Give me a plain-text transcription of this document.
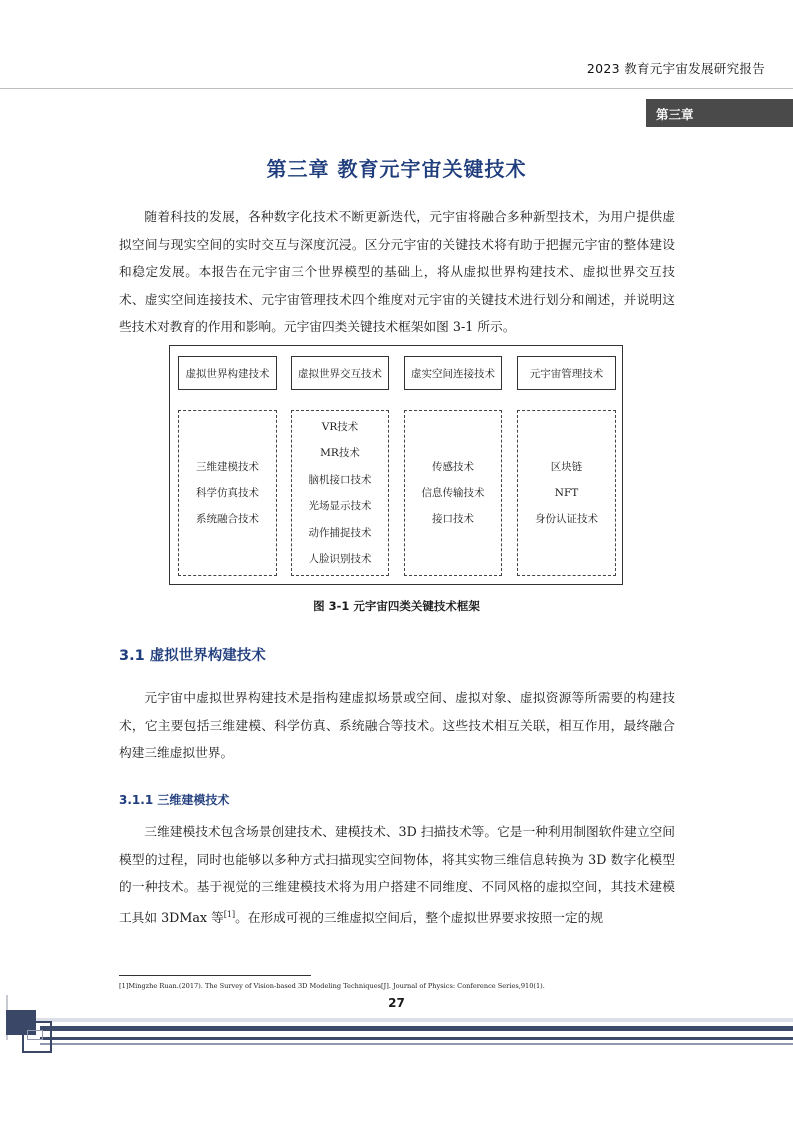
2023 教育元宇宙发展研究报告
第三章
第三章 教育元宇宙关键技术

随着科技的发展，各种数字化技术不断更新迭代，元宇宙将融合多种新型技术，为用户提供虚拟空间与现实空间的实时交互与深度沉浸。区分元宇宙的关键技术将有助于把握元宇宙的整体建设和稳定发展。本报告在元宇宙三个世界模型的基础上，将从虚拟世界构建技术、虚拟世界交互技术、虚实空间连接技术、元宇宙管理技术四个维度对元宇宙的关键技术进行划分和阐述，并说明这些技术对教育的作用和影响。元宇宙四类关键技术框架如图 3-1 所示。

虚拟世界构建技术	虚拟世界交互技术	虚实空间连接技术	元宇宙管理技术
三维建模技术
科学仿真技术
系统融合技术
VR技术
MR技术
脑机接口技术
光场显示技术
动作捕捉技术
人脸识别技术
传感技术
信息传输技术
接口技术
区块链
NFT
身份认证技术
图 3-1 元宇宙四类关键技术框架
3.1 虚拟世界构建技术

元宇宙中虚拟世界构建技术是指构建虚拟场景或空间、虚拟对象、虚拟资源等所需要的构建技术，它主要包括三维建模、科学仿真、系统融合等技术。这些技术相互关联，相互作用，最终融合构建三维虚拟世界。

3.1.1 三维建模技术

三维建模技术包含场景创建技术、建模技术、3D 扫描技术等。它是一种利用制图软件建立空间模型的过程，同时也能够以多种方式扫描现实空间物体，将其实物三维信息转换为 3D 数字化模型的一种技术。基于视觉的三维建模技术将为用户搭建不同维度、不同风格的虚拟空间，其技术建模工具如 3DMax 等[1]。在形成可视的三维虚拟空间后，整个虚拟世界要求按照一定的规

[1]Mingzhe Ruan.(2017). The Survey of Vision-based 3D Modeling Techniques[J]. Journal of Physics: Conference Series,910(1).
27
